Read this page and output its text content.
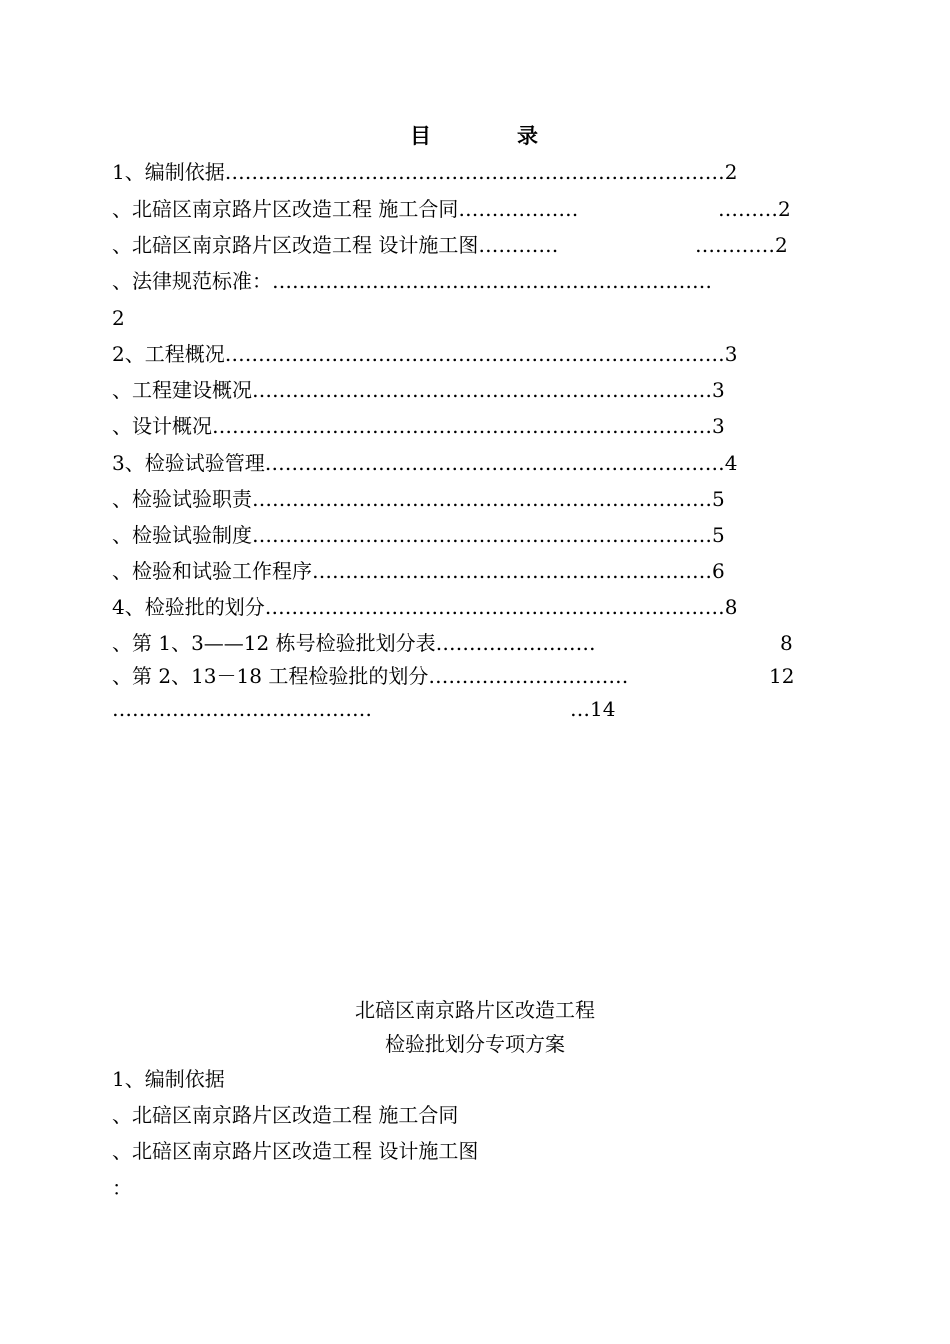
目	录
1、编制依据…………………………………………………………………2
、北碚区南京路片区改造工程 施工合同………………	………2
、北碚区南京路片区改造工程 设计施工图…………	…………2
、法律规范标准：…………………………………………………………
2
2、工程概况…………………………………………………………………3
、工程建设概况……………………………………………………………3
、设计概况…………………………………………………………………3
3、检验试验管理……………………………………………………………4
、检验试验职责……………………………………………………………5
、检验试验制度……………………………………………………………5
、检验和试验工作程序……………………………………………………6
4、检验批的划分……………………………………………………………8
、第 1、3——12 栋号检验批划分表……………………	8
、第 2、13－18 工程检验批的划分…………………………	12
…………………………………	…14
北碚区南京路片区改造工程
检验批划分专项方案
1、编制依据
、北碚区南京路片区改造工程 施工合同
、北碚区南京路片区改造工程 设计施工图
：
